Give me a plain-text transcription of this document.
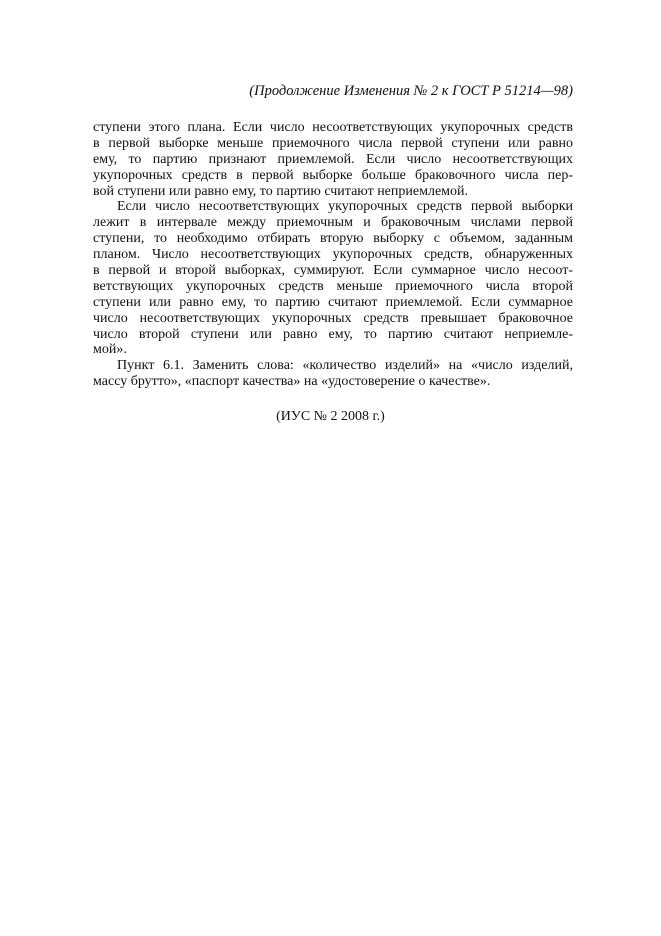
(Продолжение Изменения № 2 к ГОСТ Р 51214—98)
ступени этого плана. Если число несоответствующих укупорочных средств
в первой выборке меньше приемочного числа первой ступени или равно
ему, то партию признают приемлемой. Если число несоответствующих
укупорочных средств в первой выборке больше браковочного числа пер-
вой ступени или равно ему, то партию считают неприемлемой.
Если число несоответствующих укупорочных средств первой выборки
лежит в интервале между приемочным и браковочным числами первой
ступени, то необходимо отбирать вторую выборку с объемом, заданным
планом. Число несоответствующих укупорочных средств, обнаруженных
в первой и второй выборках, суммируют. Если суммарное число несоот-
ветствующих укупорочных средств меньше приемочного числа второй
ступени или равно ему, то партию считают приемлемой. Если суммарное
число несоответствующих укупорочных средств превышает браковочное
число второй ступени или равно ему, то партию считают неприемле-
мой».
Пункт 6.1. Заменить слова: «количество изделий» на «число изделий,
массу брутто», «паспорт качества» на «удостоверение о качестве».
(ИУС № 2 2008 г.)
